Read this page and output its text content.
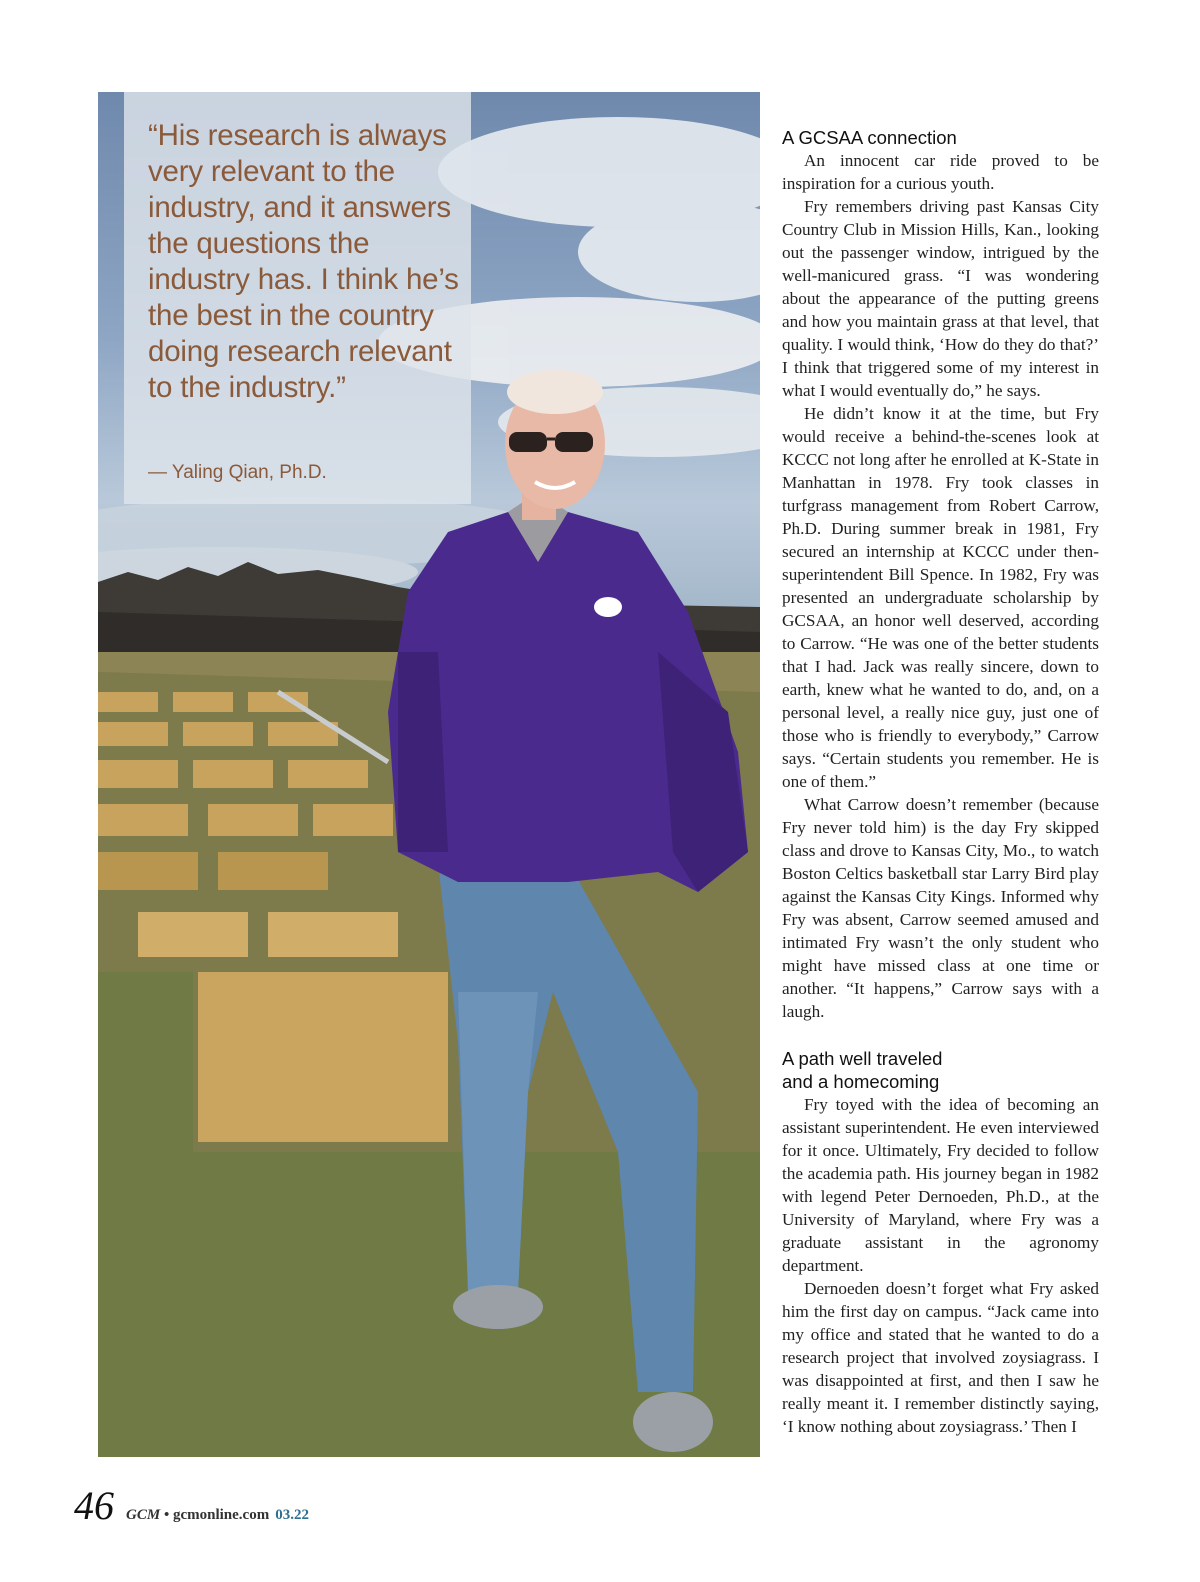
“His research is always very relevant to the industry, and it answers the questions the industry has. I think he’s the best in the country doing research relevant to the industry.”

— Yaling Qian, Ph.D.

A GCSAA connection

An innocent car ride proved to be inspiration for a curious youth.

Fry remembers driving past Kansas City Country Club in Mission Hills, Kan., looking out the passenger window, intrigued by the well-manicured grass. “I was wondering about the appearance of the putting greens and how you maintain grass at that level, that quality. I would think, ‘How do they do that?’ I think that triggered some of my interest in what I would eventually do,” he says.

He didn’t know it at the time, but Fry would receive a behind-the-scenes look at KCCC not long after he enrolled at K-State in Manhattan in 1978. Fry took classes in turfgrass management from Robert Carrow, Ph.D. During summer break in 1981, Fry secured an internship at KCCC under then-superintendent Bill Spence. In 1982, Fry was presented an undergraduate scholarship by GCSAA, an honor well deserved, according to Carrow. “He was one of the better students that I had. Jack was really sincere, down to earth, knew what he wanted to do, and, on a personal level, a really nice guy, just one of those who is friendly to everybody,” Carrow says. “Certain students you remember. He is one of them.”

What Carrow doesn’t remember (because Fry never told him) is the day Fry skipped class and drove to Kansas City, Mo., to watch Boston Celtics basketball star Larry Bird play against the Kansas City Kings. Informed why Fry was absent, Carrow seemed amused and intimated Fry wasn’t the only student who might have missed class at one time or another. “It happens,” Carrow says with a laugh.

A path well traveled
and a homecoming

Fry toyed with the idea of becoming an assistant superintendent. He even interviewed for it once. Ultimately, Fry decided to follow the academia path. His journey began in 1982 with legend Peter Dernoeden, Ph.D., at the University of Maryland, where Fry was a graduate assistant in the agronomy department.

Dernoeden doesn’t forget what Fry asked him the first day on campus. “Jack came into my office and stated that he wanted to do a research project that involved zoysiagrass. I was disappointed at first, and then I saw he really meant it. I remember distinctly saying, ‘I know nothing about zoysiagrass.’ Then I

46 GCM • gcmonline.com 03.22
